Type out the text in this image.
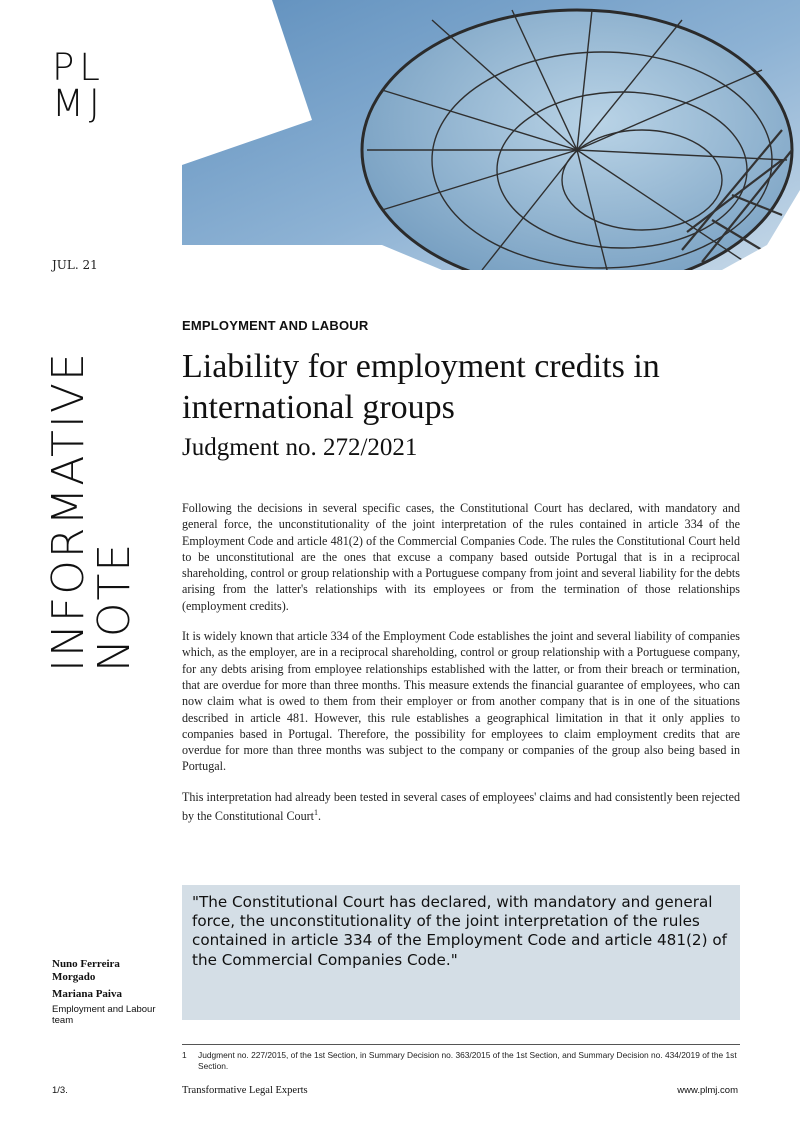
PL
MJ
JUL. 21
INFORMATIVE
NOTE
EMPLOYMENT AND LABOUR
Liability for employment credits in international groups
Judgment no. 272/2021

Following the decisions in several specific cases, the Constitutional Court has declared, with mandatory and general force, the unconstitutionality of the joint interpretation of the rules contained in article 334 of the Employment Code and article 481(2) of the Commercial Companies Code. The rules the Constitutional Court held to be unconstitutional are the ones that excuse a company based outside Portugal that is in a reciprocal shareholding, control or group relationship with a Portuguese company from joint and several liability for the debts arising from the latter's relationships with its employees or from the termination of those relationships (employment credits).

It is widely known that article 334 of the Employment Code establishes the joint and several liability of companies which, as the employer, are in a reciprocal shareholding, control or group relationship with a Portuguese company, for any debts arising from employee relationships established with the latter, or from their breach or termination, that are overdue for more than three months. This measure extends the financial guarantee of employees, who can now claim what is owed to them from their employer or from another company that is in one of the situations described in article 481. However, this rule establishes a geographical limitation in that it only applies to companies based in Portugal. Therefore, the possibility for employees to claim employment credits that are overdue for more than three months was subject to the company or companies of the group also being based in Portugal.

This interpretation had already been tested in several cases of employees' claims and had consistently been rejected by the Constitutional Court$^1$.

"The Constitutional Court has declared, with mandatory and general force, the unconstitutionality of the joint interpretation of the rules contained in article 334 of the Employment Code and article 481(2) of the Commercial Companies Code."
Nuno Ferreira Morgado
Mariana Paiva
Employment and Labour team
1	Judgment no. 227/2015, of the 1st Section, in Summary Decision no. 363/2015 of the 1st Section, and Summary Decision no. 434/2019 of the 1st Section.
1/3.	Transformative Legal Experts	www.plmj.com
